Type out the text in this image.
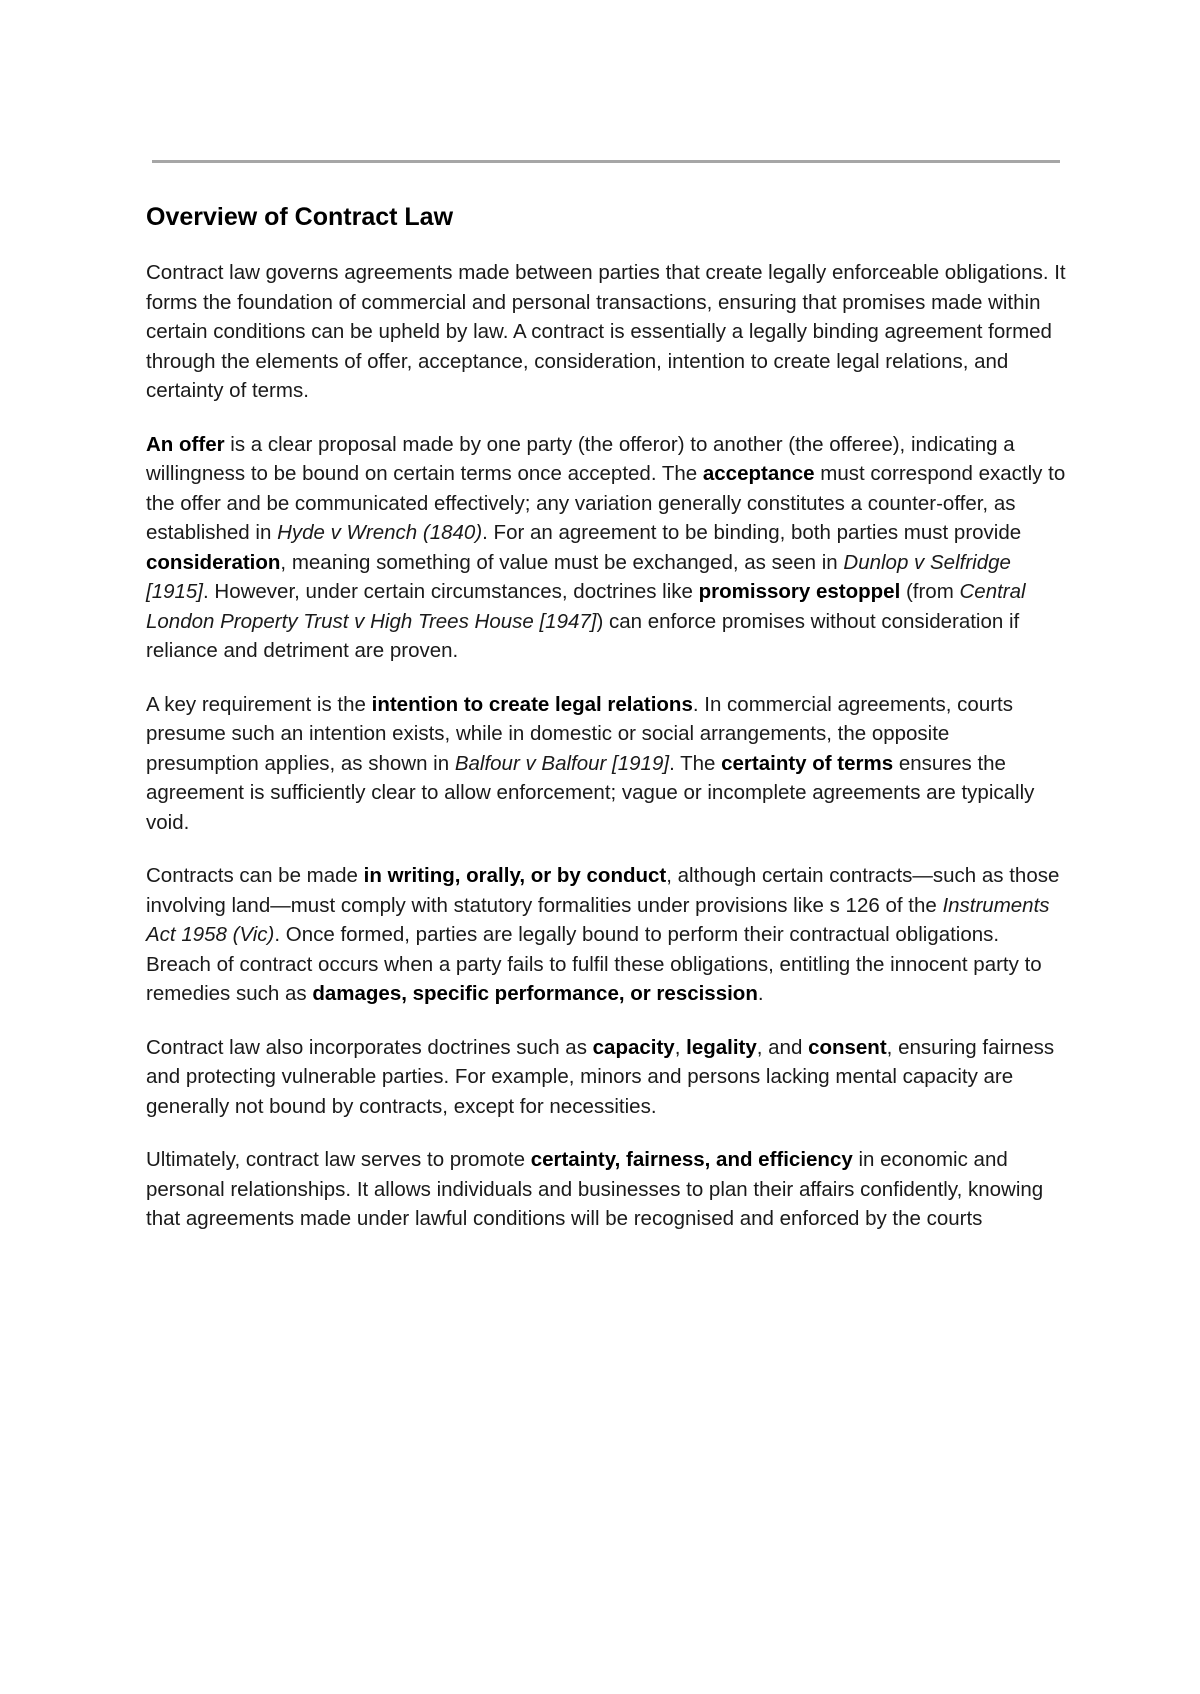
Overview of Contract Law

Contract law governs agreements made between parties that create legally enforceable obligations. It forms the foundation of commercial and personal transactions, ensuring that promises made within certain conditions can be upheld by law. A contract is essentially a legally binding agreement formed through the elements of offer, acceptance, consideration, intention to create legal relations, and certainty of terms.

An offer is a clear proposal made by one party (the offeror) to another (the offeree), indicating a willingness to be bound on certain terms once accepted. The acceptance must correspond exactly to the offer and be communicated effectively; any variation generally constitutes a counter-offer, as established in Hyde v Wrench (1840). For an agreement to be binding, both parties must provide consideration, meaning something of value must be exchanged, as seen in Dunlop v Selfridge [1915]. However, under certain circumstances, doctrines like promissory estoppel (from Central London Property Trust v High Trees House [1947]) can enforce promises without consideration if reliance and detriment are proven.

A key requirement is the intention to create legal relations. In commercial agreements, courts presume such an intention exists, while in domestic or social arrangements, the opposite presumption applies, as shown in Balfour v Balfour [1919]. The certainty of terms ensures the agreement is sufficiently clear to allow enforcement; vague or incomplete agreements are typically void.

Contracts can be made in writing, orally, or by conduct, although certain contracts—such as those involving land—must comply with statutory formalities under provisions like s 126 of the Instruments Act 1958 (Vic). Once formed, parties are legally bound to perform their contractual obligations. Breach of contract occurs when a party fails to fulfil these obligations, entitling the innocent party to remedies such as damages, specific performance, or rescission.

Contract law also incorporates doctrines such as capacity, legality, and consent, ensuring fairness and protecting vulnerable parties. For example, minors and persons lacking mental capacity are generally not bound by contracts, except for necessities.

Ultimately, contract law serves to promote certainty, fairness, and efficiency in economic and personal relationships. It allows individuals and businesses to plan their affairs confidently, knowing that agreements made under lawful conditions will be recognised and enforced by the courts
